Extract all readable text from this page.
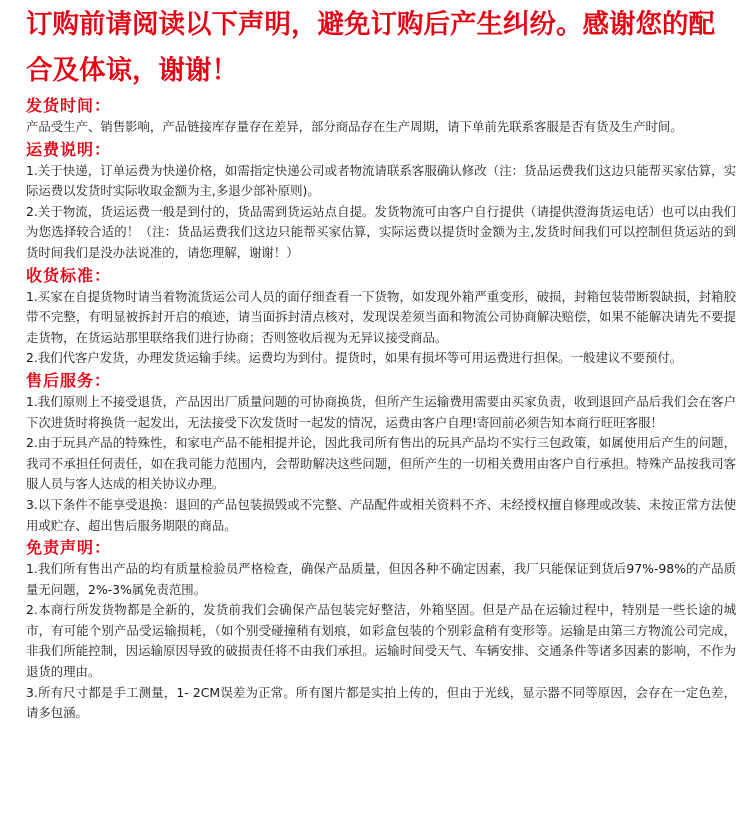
订购前请阅读以下声明，避免订购后产生纠纷。感谢您的配合及体谅，谢谢！
发货时间：

产品受生产、销售影响，产品链接库存量存在差异，部分商品存在生产周期，请下单前先联系客服是否有货及生产时间。

运费说明：

1.关于快递，订单运费为快递价格，如需指定快递公司或者物流请联系客服确认修改（注：货品运费我们这边只能帮买家估算，实际运费以发货时实际收取金额为主,多退少部补原则)。

2.关于物流，货运运费一般是到付的，货品需到货运站点自提。发货物流可由客户自行提供（请提供澄海货运电话）也可以由我们为您选择较合适的！（注：货品运费我们这边只能帮买家估算，实际运费以提货时金额为主,发货时间我们可以控制但货运站的到货时间我们是没办法说准的，请您理解，谢谢！）

收货标准：

1.买家在自提货物时请当着物流货运公司人员的面仔细查看一下货物，如发现外箱严重变形，破损，封箱包装带断裂缺损，封箱胶带不完整，有明显被拆封开启的痕迹，请当面拆封清点核对，发现误差须当面和物流公司协商解决赔偿，如果不能解决请先不要提走货物，在货运站那里联络我们进行协商；否则签收后视为无异议接受商品。

2.我们代客户发货，办理发货运输手续。运费均为到付。提货时，如果有损坏等可用运费进行担保。一般建议不要预付。

售后服务：

1.我们原则上不接受退货，产品因出厂质量问题的可协商换货，但所产生运输费用需要由买家负责，收到退回产品后我们会在客户下次进货时将换货一起发出，无法接受下次发货时一起发的情况，运费由客户自理!寄回前必须告知本商行旺旺客服！

2.由于玩具产品的特殊性，和家电产品不能相提并论，因此我司所有售出的玩具产品均不实行三包政策，如属使用后产生的问题，我司不承担任何责任，如在我司能力范围内，会帮助解决这些问题，但所产生的一切相关费用由客户自行承担。特殊产品按我司客服人员与客人达成的相关协议办理。

3.以下条件不能享受退换：退回的产品包装损毁或不完整、产品配件或相关资料不齐、未经授权擅自修理或改装、未按正常方法使用或贮存、超出售后服务期限的商品。

免责声明：

1.我们所有售出产品的均有质量检验员严格检查，确保产品质量，但因各种不确定因素，我厂只能保证到货后97%-98%的产品质量无问题，2%-3%属免责范围。

2.本商行所发货物都是全新的，发货前我们会确保产品包装完好整洁，外箱坚固。但是产品在运输过程中，特别是一些长途的城市，有可能个别产品受运输损耗，（如个别受碰撞稍有划痕，如彩盒包装的个别彩盒稍有变形等。运输是由第三方物流公司完成，非我们所能控制，因运输原因导致的破损责任将不由我们承担。运输时间受天气、车辆安排、交通条件等诸多因素的影响，不作为退货的理由。

3.所有尺寸都是手工测量，1- 2CM误差为正常。所有图片都是实拍上传的，但由于光线，显示器不同等原因，会存在一定色差，请多包涵。
